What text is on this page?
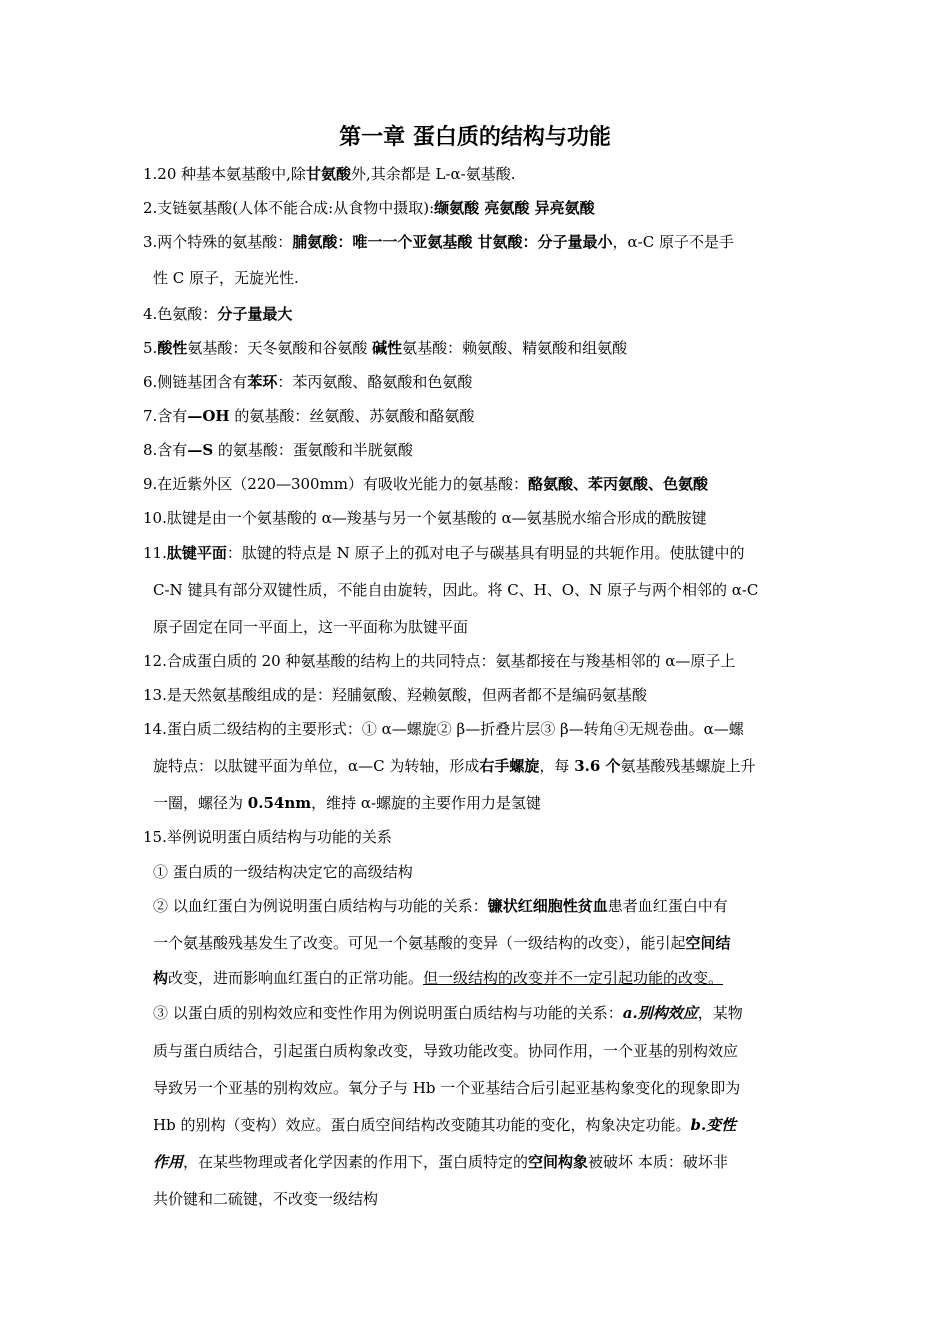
第一章 蛋白质的结构与功能
1.20 种基本氨基酸中,除甘氨酸外,其余都是 L-α-氨基酸.
2.支链氨基酸(人体不能合成:从食物中摄取):缬氨酸 亮氨酸 异亮氨酸
3.两个特殊的氨基酸：脯氨酸：唯一一个亚氨基酸 甘氨酸：分子量最小，α-C 原子不是手
性 C 原子，无旋光性.
4.色氨酸：分子量最大
5.酸性氨基酸：天冬氨酸和谷氨酸 碱性氨基酸：赖氨酸、精氨酸和组氨酸
6.侧链基团含有苯环：苯丙氨酸、酪氨酸和色氨酸
7.含有—OH 的氨基酸：丝氨酸、苏氨酸和酪氨酸
8.含有—S 的氨基酸：蛋氨酸和半胱氨酸
9.在近紫外区（220—300mm）有吸收光能力的氨基酸：酪氨酸、苯丙氨酸、色氨酸
10.肽键是由一个氨基酸的 α—羧基与另一个氨基酸的 α—氨基脱水缩合形成的酰胺键
11.肽键平面：肽键的特点是 N 原子上的孤对电子与碳基具有明显的共轭作用。使肽键中的
C-N 键具有部分双键性质，不能自由旋转，因此。将 C、H、O、N 原子与两个相邻的 α-C
原子固定在同一平面上，这一平面称为肽键平面
12.合成蛋白质的 20 种氨基酸的结构上的共同特点：氨基都接在与羧基相邻的 α—原子上
13.是天然氨基酸组成的是：羟脯氨酸、羟赖氨酸，但两者都不是编码氨基酸
14.蛋白质二级结构的主要形式：① α—螺旋② β—折叠片层③ β—转角④无规卷曲。α—螺
旋特点：以肽键平面为单位，α—C 为转轴，形成右手螺旋，每 3.6 个氨基酸残基螺旋上升
一圈，螺径为 0.54nm，维持 α-螺旋的主要作用力是氢键
15.举例说明蛋白质结构与功能的关系
① 蛋白质的一级结构决定它的高级结构
② 以血红蛋白为例说明蛋白质结构与功能的关系：镰状红细胞性贫血患者血红蛋白中有
一个氨基酸残基发生了改变。可见一个氨基酸的变异（一级结构的改变），能引起空间结
构改变，进而影响血红蛋白的正常功能。但一级结构的改变并不一定引起功能的改变。
③ 以蛋白质的别构效应和变性作用为例说明蛋白质结构与功能的关系：a.别构效应，某物
质与蛋白质结合，引起蛋白质构象改变，导致功能改变。协同作用，一个亚基的别构效应
导致另一个亚基的别构效应。氧分子与 Hb 一个亚基结合后引起亚基构象变化的现象即为
Hb 的别构（变构）效应。蛋白质空间结构改变随其功能的变化，构象决定功能。b.变性
作用，在某些物理或者化学因素的作用下，蛋白质特定的空间构象被破坏 本质：破坏非
共价键和二硫键，不改变一级结构
